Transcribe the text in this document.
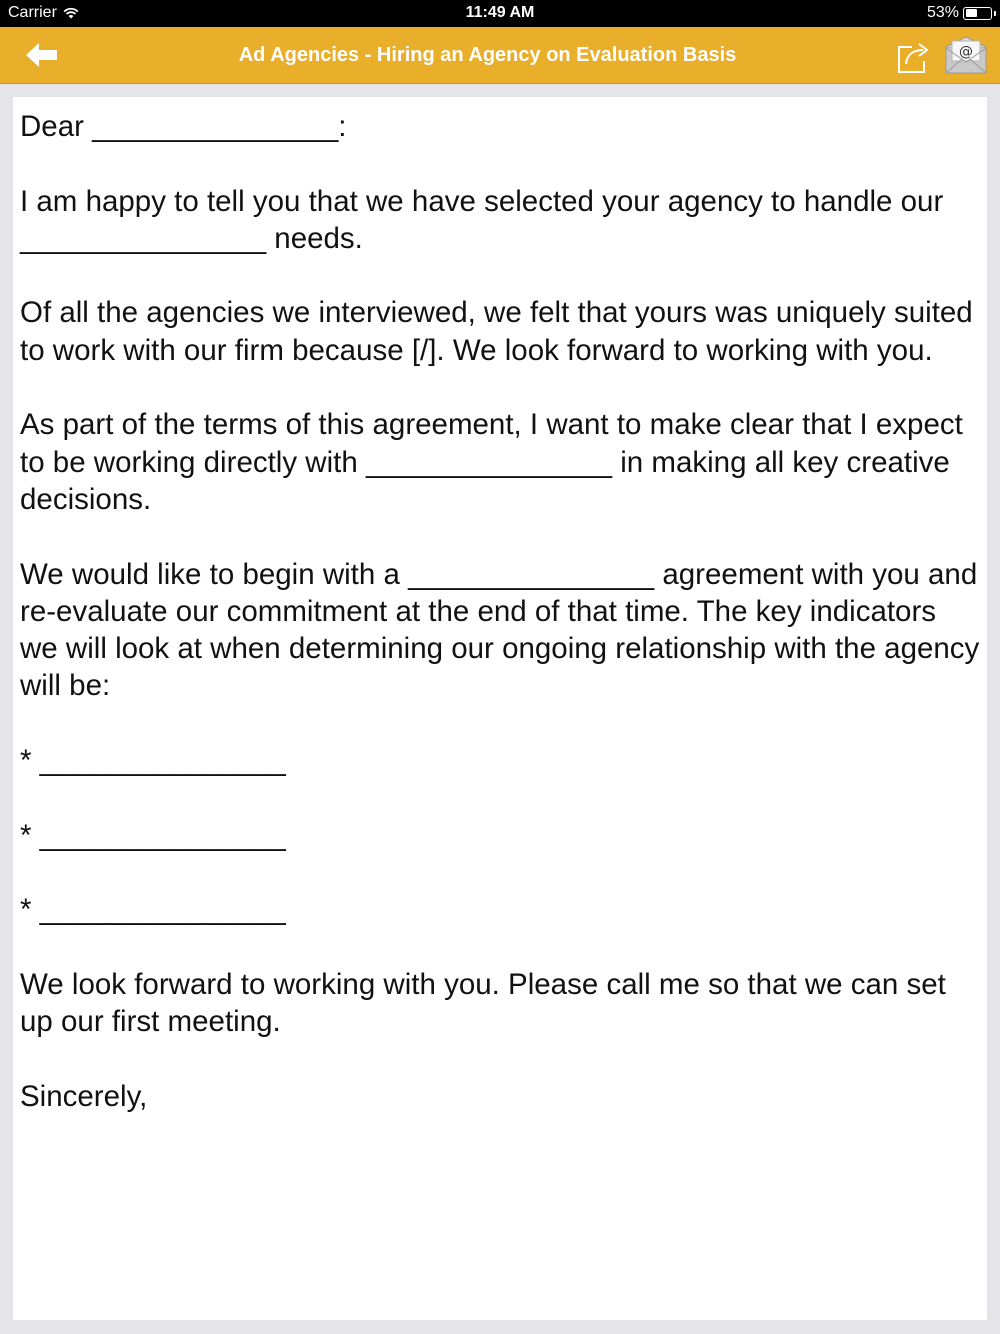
Carrier	11:49 AM	53%
Ad Agencies - Hiring an Agency on Evaluation Basis	@

Dear _______________:

I am happy to tell you that we have selected your agency to handle our _______________ needs.

Of all the agencies we interviewed, we felt that yours was uniquely suited to work with our firm because [/]. We look forward to working with you.

As part of the terms of this agreement, I want to make clear that I expect to be working directly with _______________ in making all key creative decisions.

We would like to begin with a _______________ agreement with you and re-evaluate our commitment at the end of that time. The key indicators we will look at when determining our ongoing relationship with the agency will be:

* _______________

* _______________

* _______________

We look forward to working with you. Please call me so that we can set up our first meeting.

Sincerely,
